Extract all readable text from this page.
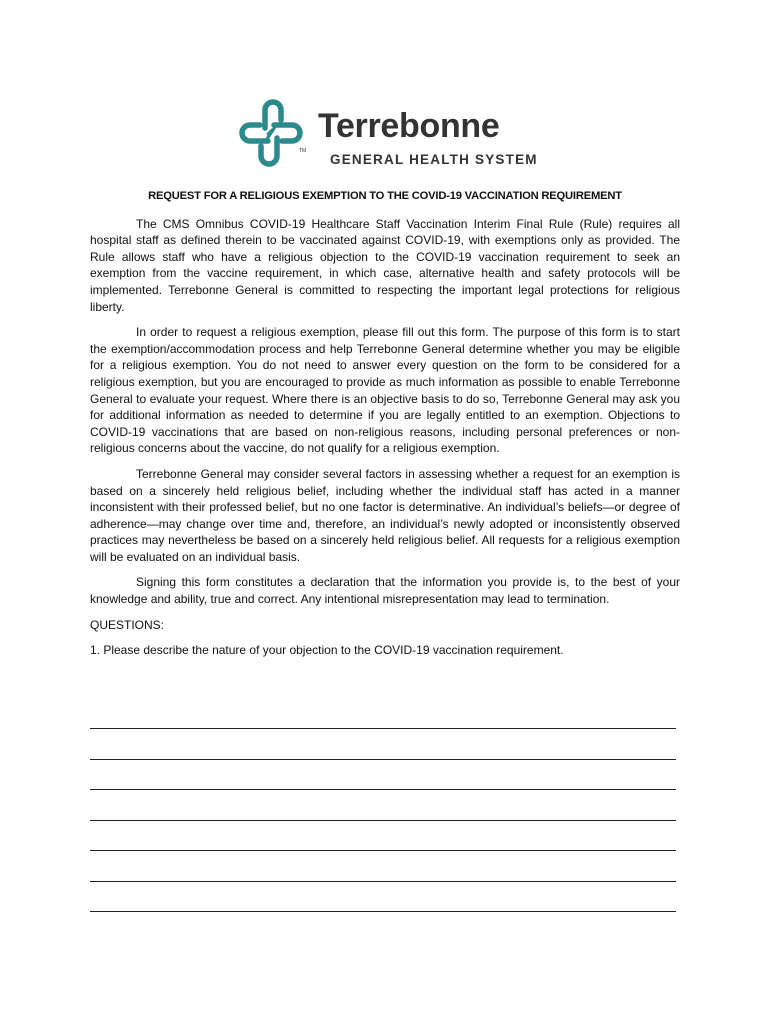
TM
Terrebonne
GENERAL HEALTH SYSTEM
REQUEST FOR A RELIGIOUS EXEMPTION TO THE COVID-19 VACCINATION REQUIREMENT

The CMS Omnibus COVID-19 Healthcare Staff Vaccination Interim Final Rule (Rule) requires all hospital staff as defined therein to be vaccinated against COVID-19, with exemptions only as provided. The Rule allows staff who have a religious objection to the COVID-19 vaccination requirement to seek an exemption from the vaccine requirement, in which case, alternative health and safety protocols will be implemented. Terrebonne General is committed to respecting the important legal protections for religious liberty.

In order to request a religious exemption, please fill out this form. The purpose of this form is to start the exemption/accommodation process and help Terrebonne General determine whether you may be eligible for a religious exemption. You do not need to answer every question on the form to be considered for a religious exemption, but you are encouraged to provide as much information as possible to enable Terrebonne General to evaluate your request. Where there is an objective basis to do so, Terrebonne General may ask you for additional information as needed to determine if you are legally entitled to an exemption. Objections to COVID-19 vaccinations that are based on non-religious reasons, including personal preferences or non-religious concerns about the vaccine, do not qualify for a religious exemption.

Terrebonne General may consider several factors in assessing whether a request for an exemption is based on a sincerely held religious belief, including whether the individual staff has acted in a manner inconsistent with their professed belief, but no one factor is determinative. An individual’s beliefs—or degree of adherence—may change over time and, therefore, an individual’s newly adopted or inconsistently observed practices may nevertheless be based on a sincerely held religious belief. All requests for a religious exemption will be evaluated on an individual basis.

Signing this form constitutes a declaration that the information you provide is, to the best of your knowledge and ability, true and correct. Any intentional misrepresentation may lead to termination.

QUESTIONS:
1. Please describe the nature of your objection to the COVID-19 vaccination requirement.
